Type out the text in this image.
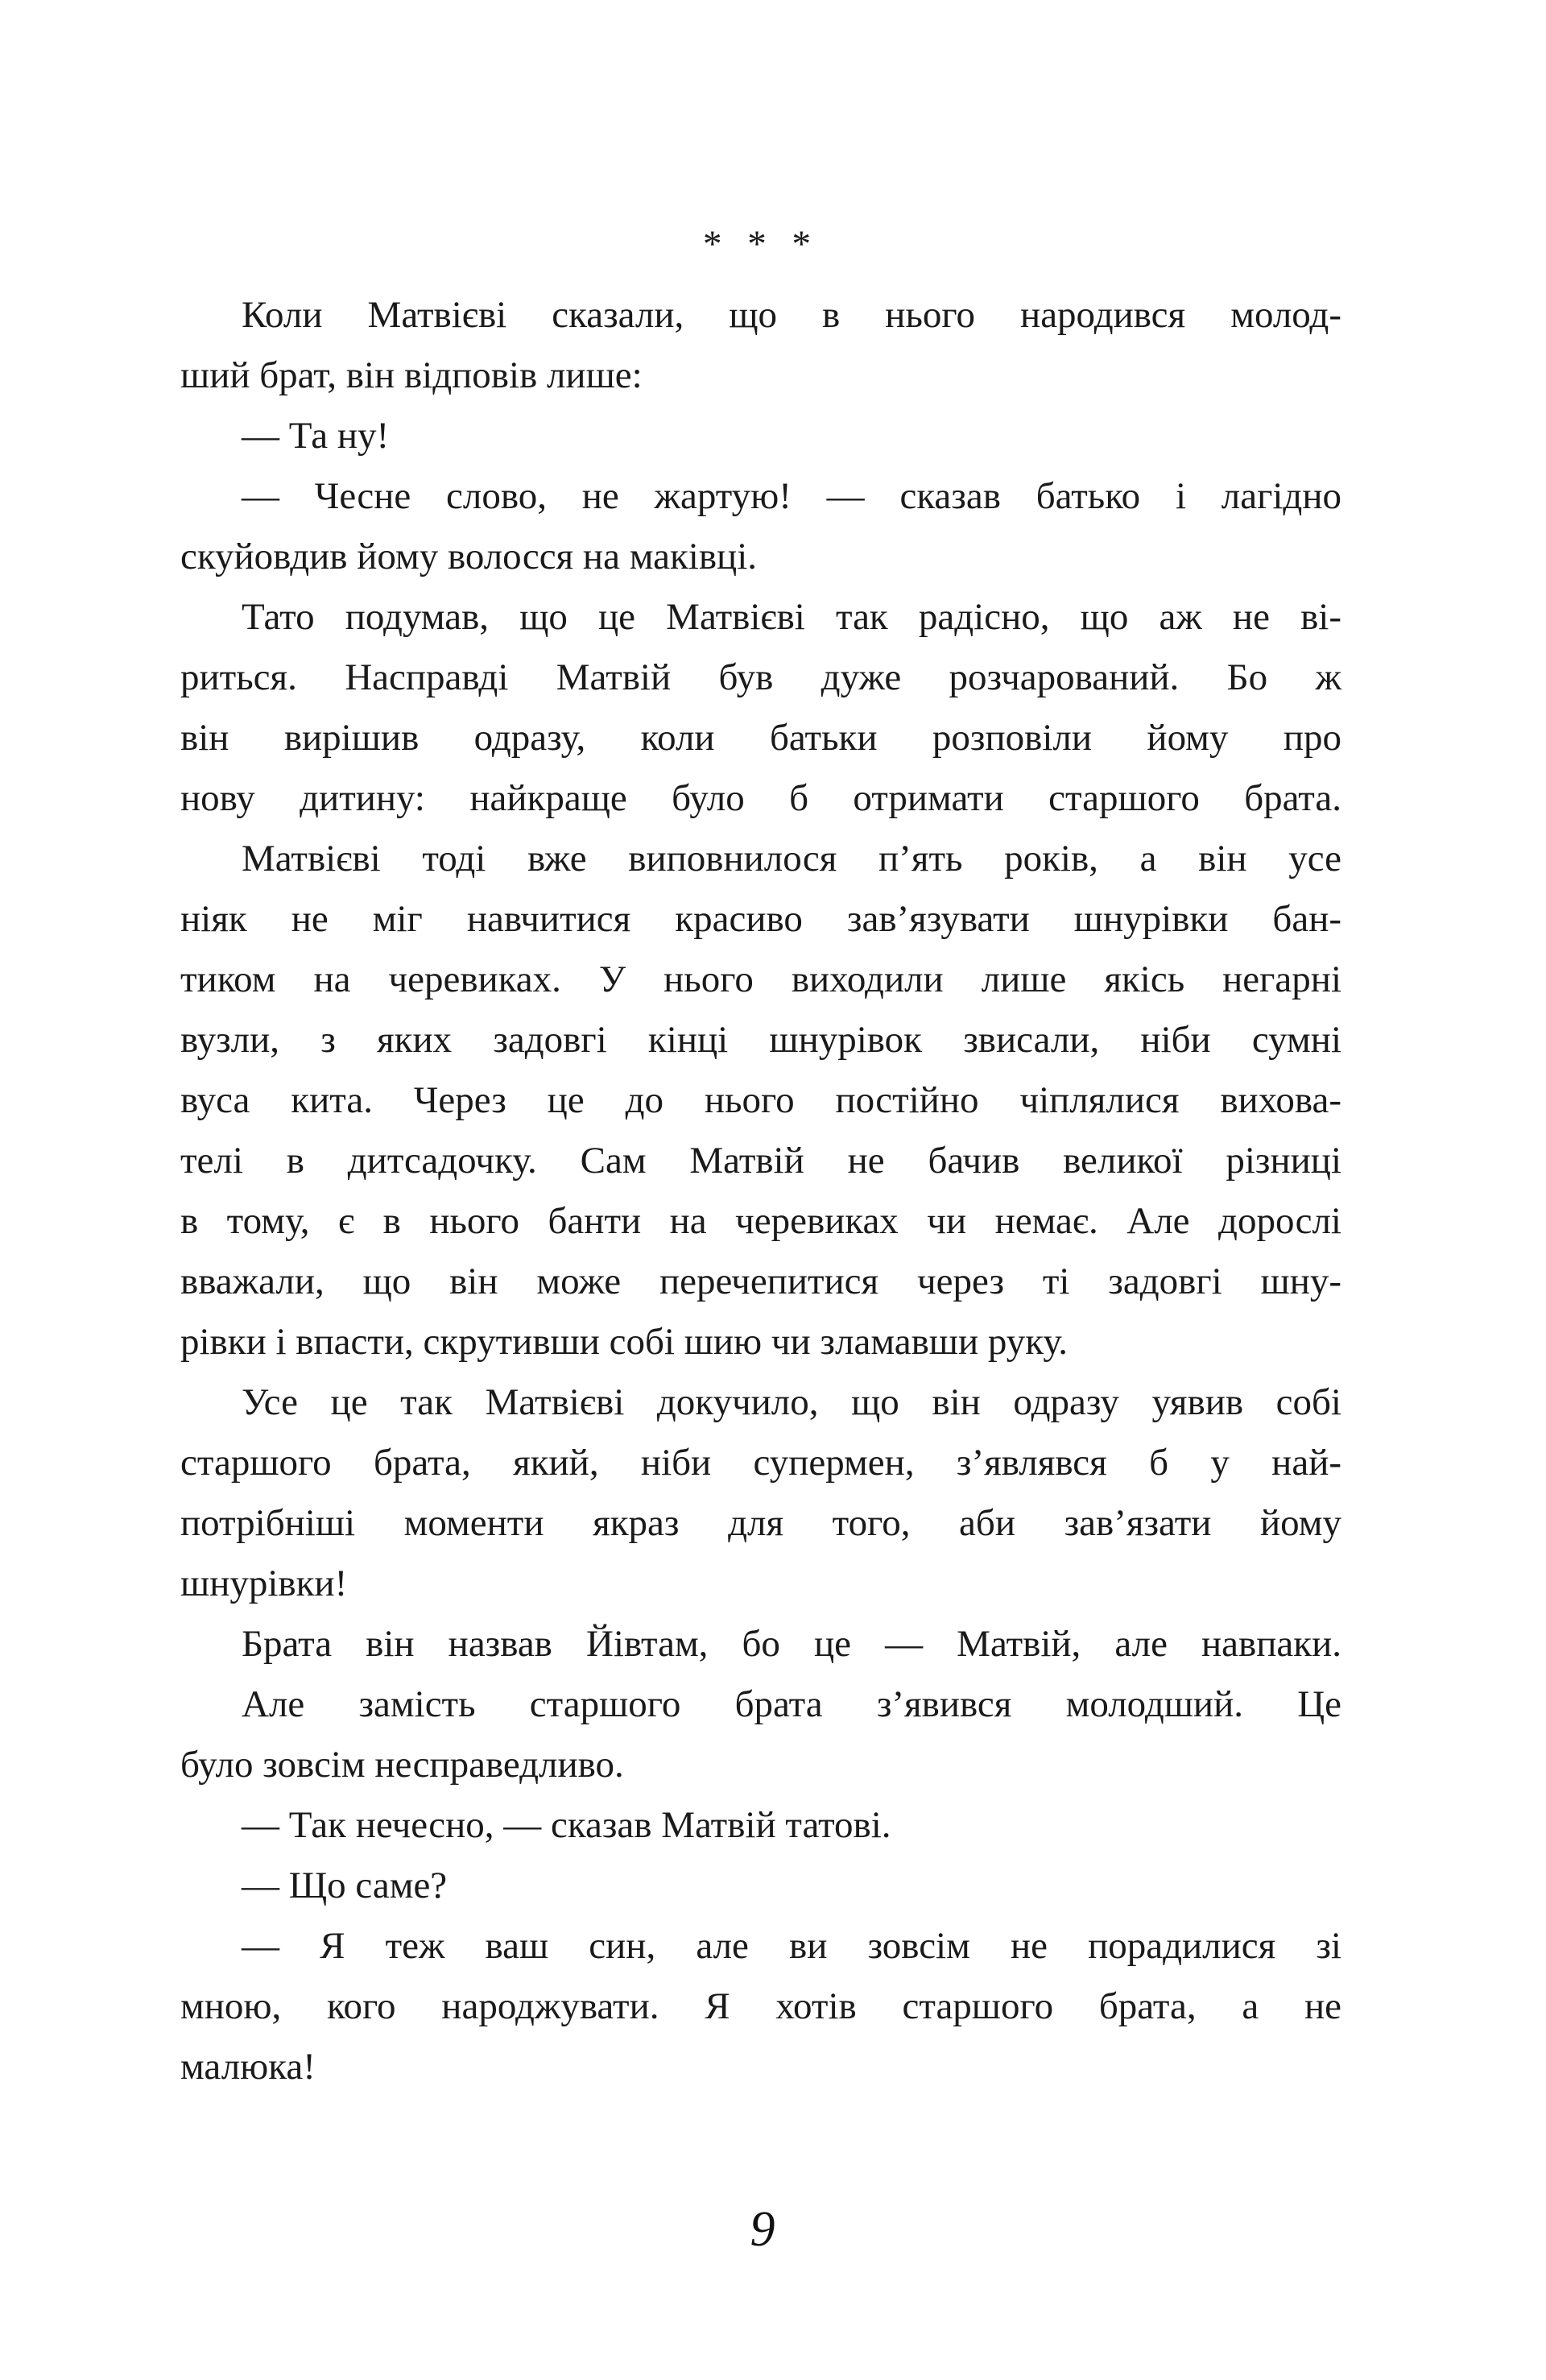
* * *
Коли Матвієві сказали, що в нього народився молод-
ший брат, він відповів лише:
— Та ну!
— Чесне слово, не жартую! — сказав батько і лагідно
скуйовдив йому волосся на маківці.
Тато подумав, що це Матвієві так радісно, що аж не ві-
риться. Насправді Матвій був дуже розчарований. Бо ж
він вирішив одразу, коли батьки розповіли йому про
нову дитину: найкраще було б отримати старшого брата.
Матвієві тоді вже виповнилося п’ять років, а він усе
ніяк не міг навчитися красиво зав’язувати шнурівки бан-
тиком на черевиках. У нього виходили лише якісь негарні
вузли, з яких задовгі кінці шнурівок звисали, ніби сумні
вуса кита. Через це до нього постійно чіплялися вихова-
телі в дитсадочку. Сам Матвій не бачив великої різниці
в тому, є в нього банти на черевиках чи немає. Але дорослі
вважали, що він може перечепитися через ті задовгі шну-
рівки і впасти, скрутивши собі шию чи зламавши руку.
Усе це так Матвієві докучило, що він одразу уявив собі
старшого брата, який, ніби супермен, з’являвся б у най-
потрібніші моменти якраз для того, аби зав’язати йому
шнурівки!
Брата він назвав Йівтам, бо це — Матвій, але навпаки.
Але замість старшого брата з’явився молодший. Це
було зовсім несправедливо.
— Так нечесно, — сказав Матвій татові.
— Що саме?
— Я теж ваш син, але ви зовсім не порадилися зі
мною, кого народжувати. Я хотів старшого брата, а не
малюка!
9
